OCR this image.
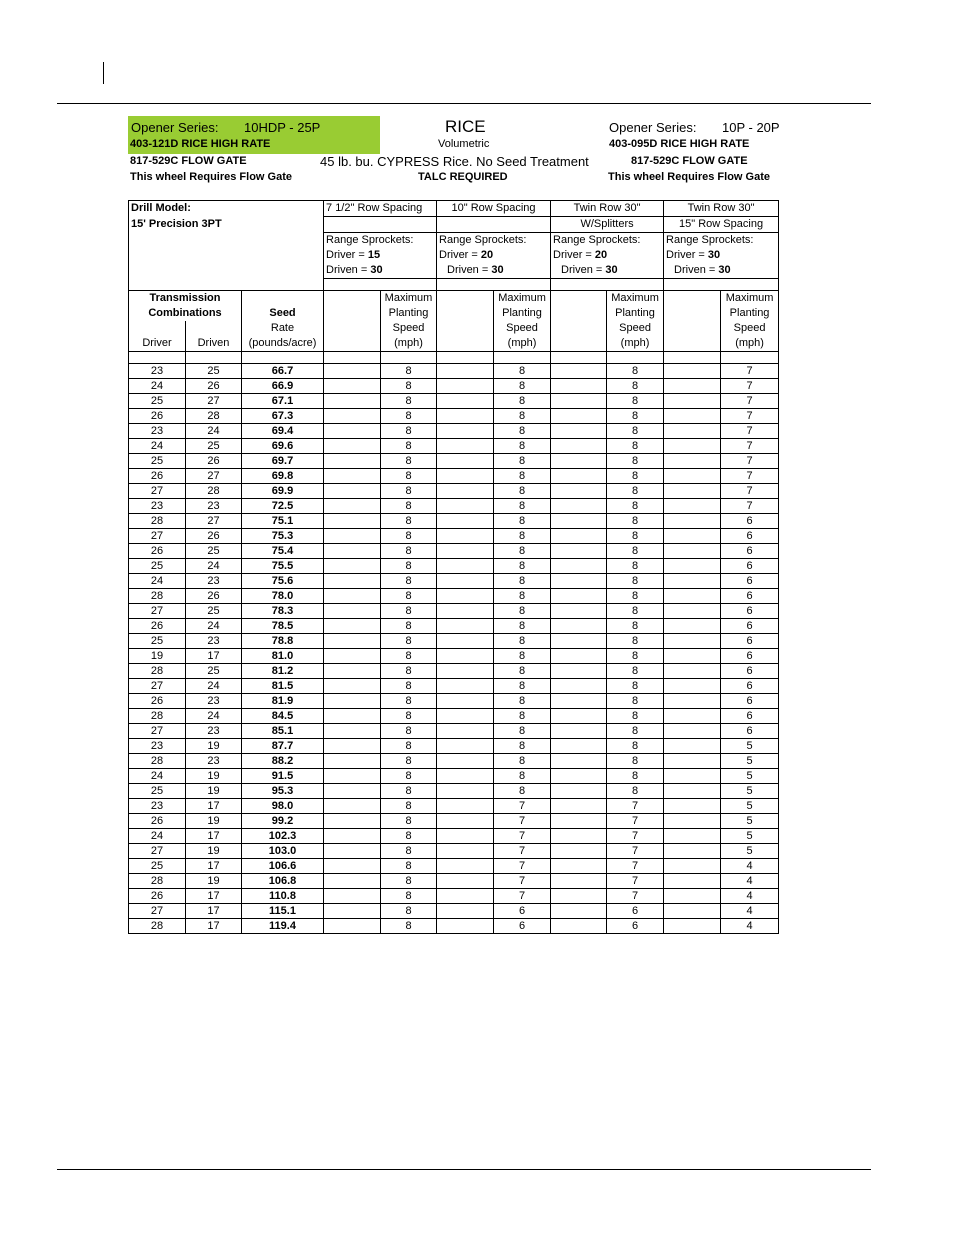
Opener Series: 10HDP - 25P
403-121D RICE HIGH RATE
817-529C FLOW GATE
This wheel Requires Flow Gate
RICE
Volumetric
45 lb. bu. CYPRESS Rice. No Seed Treatment
TALC REQUIRED
Opener Series: 10P - 20P
403-095D RICE HIGH RATE
817-529C FLOW GATE
This wheel Requires Flow Gate
Drill Model:			7 1/2" Row Spacing		10" Row Spacing		Twin Row 30"		Twin Row 30"	
15' Precision 3PT							W/Splitters		15" Row Spacing	
			Range Sprockets:		Range Sprockets:		Range Sprockets:		Range Sprockets:	
			Driver = 15		Driver = 20		Driver = 20		Driver = 30	
			Driven = 30		Driven = 30		Driven = 30		Driven = 30	

Transmission				Maximum		Maximum		Maximum		Maximum
Combinations		Seed		Planting		Planting		Planting		Planting
		Rate		Speed		Speed		Speed		Speed
Driver	Driven	(pounds/acre)		(mph)		(mph)		(mph)		(mph)

23	25	66.7		8		8		8		7
24	26	66.9		8		8		8		7
25	27	67.1		8		8		8		7
26	28	67.3		8		8		8		7
23	24	69.4		8		8		8		7
24	25	69.6		8		8		8		7
25	26	69.7		8		8		8		7
26	27	69.8		8		8		8		7
27	28	69.9		8		8		8		7
23	23	72.5		8		8		8		7
28	27	75.1		8		8		8		6
27	26	75.3		8		8		8		6
26	25	75.4		8		8		8		6
25	24	75.5		8		8		8		6
24	23	75.6		8		8		8		6
28	26	78.0		8		8		8		6
27	25	78.3		8		8		8		6
26	24	78.5		8		8		8		6
25	23	78.8		8		8		8		6
19	17	81.0		8		8		8		6
28	25	81.2		8		8		8		6
27	24	81.5		8		8		8		6
26	23	81.9		8		8		8		6
28	24	84.5		8		8		8		6
27	23	85.1		8		8		8		6
23	19	87.7		8		8		8		5
28	23	88.2		8		8		8		5
24	19	91.5		8		8		8		5
25	19	95.3		8		8		8		5
23	17	98.0		8		7		7		5
26	19	99.2		8		7		7		5
24	17	102.3		8		7		7		5
27	19	103.0		8		7		7		5
25	17	106.6		8		7		7		4
28	19	106.8		8		7		7		4
26	17	110.8		8		7		7		4
27	17	115.1		8		6		6		4
28	17	119.4		8		6		6		4
